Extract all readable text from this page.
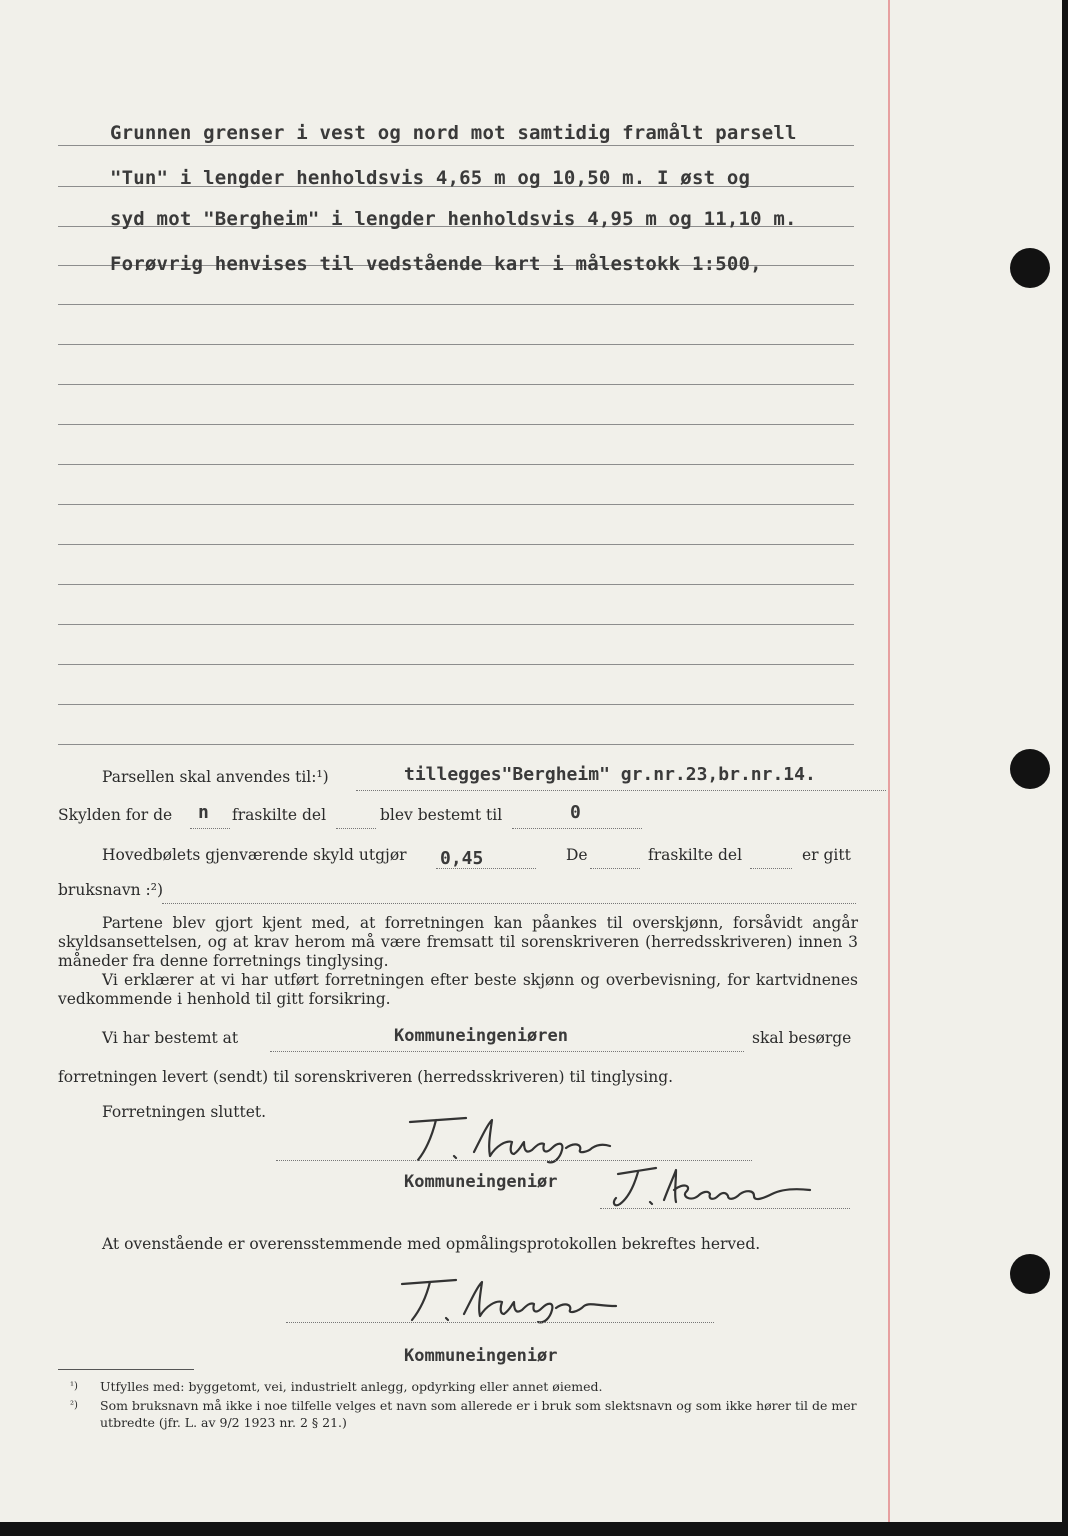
Grunnen grenser i vest og nord mot samtidig framålt parsell

"Tun" i lengder henholdsvis 4,65 m og 10,50 m. I øst og

syd mot "Bergheim" i lengder henholdsvis 4,95 m og 11,10 m.

Forøvrig henvises til vedstående kart i målestokk 1:500,

Parsellen skal anvendes til:¹)	tillegges"Bergheim" gr.nr.23,br.nr.14.
Skylden for de n fraskilte del	blev bestemt til	0
Hovedbølets gjenværende skyld utgjør 0,45	De	fraskilte del	er gitt
bruksnavn :²)

Partene blev gjort kjent med, at forretningen kan påankes til overskjønn, forsåvidt angår skyldsansettelsen, og at krav herom må være fremsatt til sorenskriveren (herredsskriveren) innen 3 måneder fra denne forretnings tinglysing.

Vi erklærer at vi har utført forretningen efter beste skjønn og overbevisning, for kartvidnenes vedkommende i henhold til gitt forsikring.

Vi har bestemt at	Kommuneingeniøren	skal besørge
forretningen levert (sendt) til sorenskriveren (herredsskriveren) til tinglysing.
Forretningen sluttet.

Kommuneingeniør

At ovenstående er overensstemmende med opmålingsprotokollen bekreftes herved.

Kommuneingeniør

¹) Utfylles med: byggetomt, vei, industrielt anlegg, opdyrking eller annet øiemed.

²) Som bruksnavn må ikke i noe tilfelle velges et navn som allerede er i bruk som slektsnavn og som ikke hører til de mer utbredte (jfr. L. av 9/2 1923 nr. 2 § 21.)
